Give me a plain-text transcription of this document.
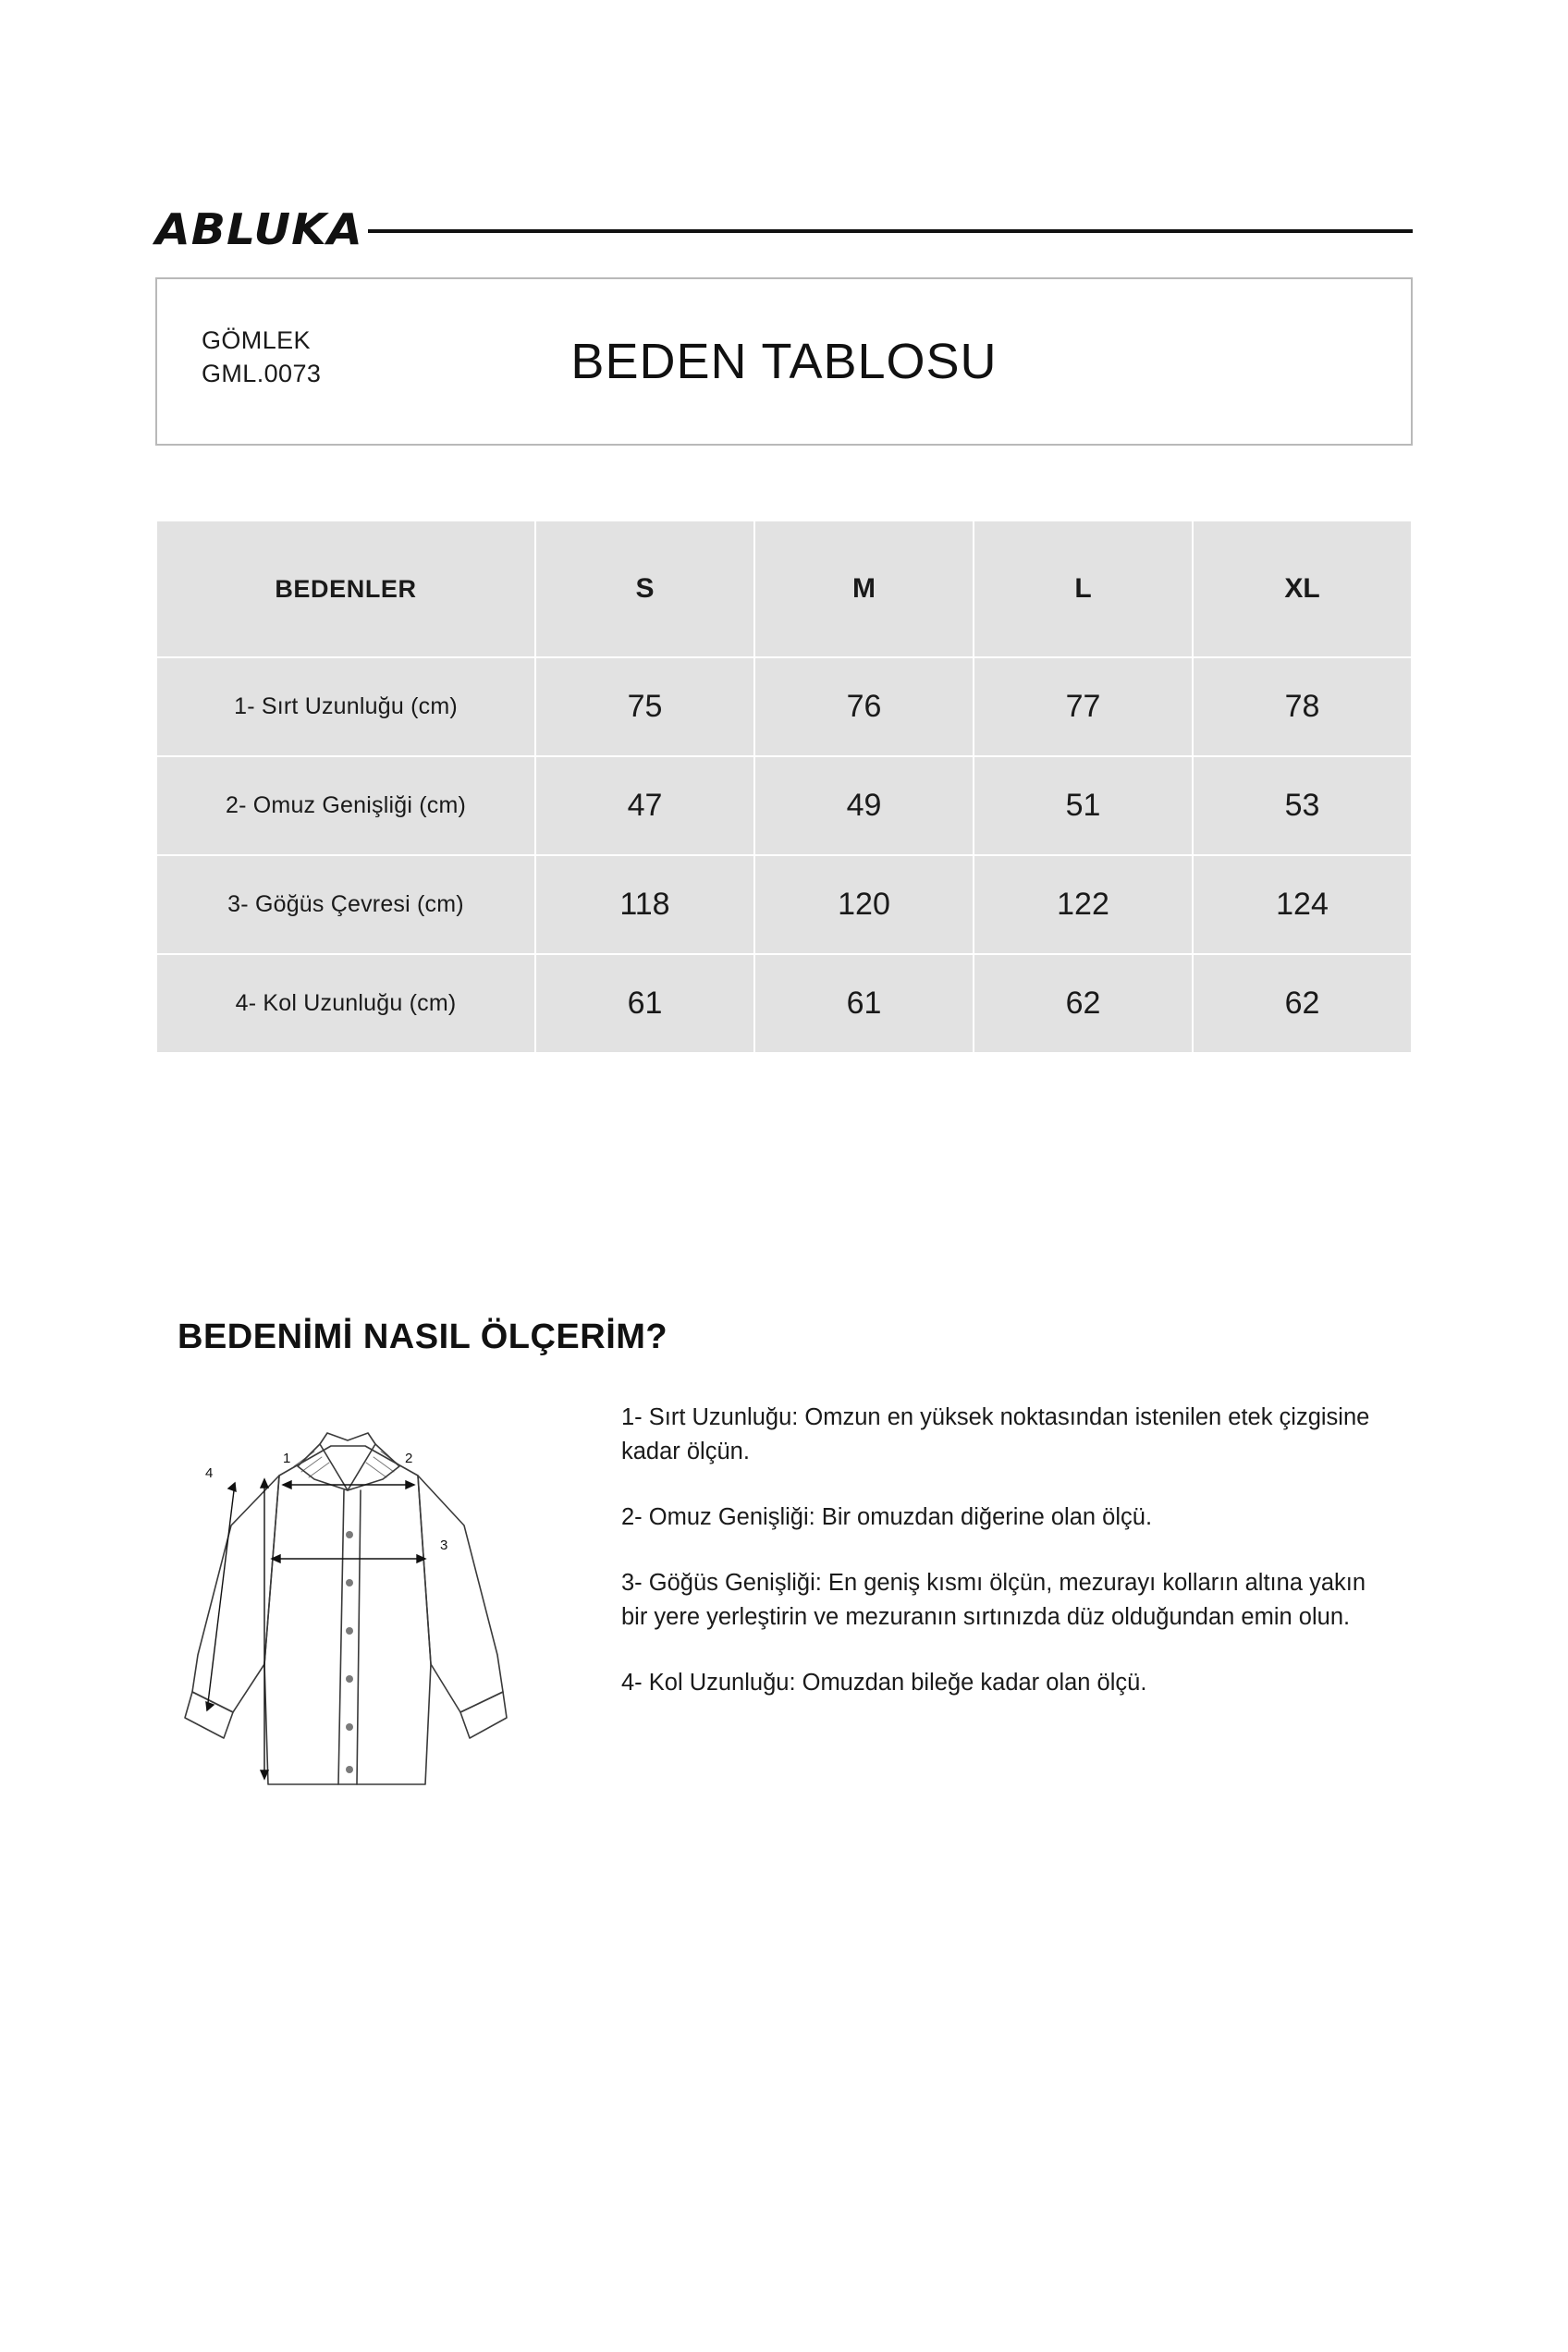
ABLUKA
GÖMLEK
GML.0073	BEDEN TABLOSU
BEDENLER	S	M	L	XL
1- Sırt Uzunluğu (cm)	75	76	77	78
2- Omuz Genişliği (cm)	47	49	51	53
3- Göğüs Çevresi (cm)	118	120	122	124
4- Kol Uzunluğu (cm)	61	61	62	62
BEDENİMİ NASIL ÖLÇERİM?
1	2
3
4

1- Sırt Uzunluğu: Omzun en yüksek noktasından istenilen etek çizgisine kadar ölçün.

2- Omuz Genişliği: Bir omuzdan diğerine olan ölçü.

3- Göğüs Genişliği: En geniş kısmı ölçün, mezurayı kolların altına yakın bir yere yerleştirin ve mezuranın sırtınızda düz olduğundan emin olun.

4- Kol Uzunluğu: Omuzdan bileğe kadar olan ölçü.
